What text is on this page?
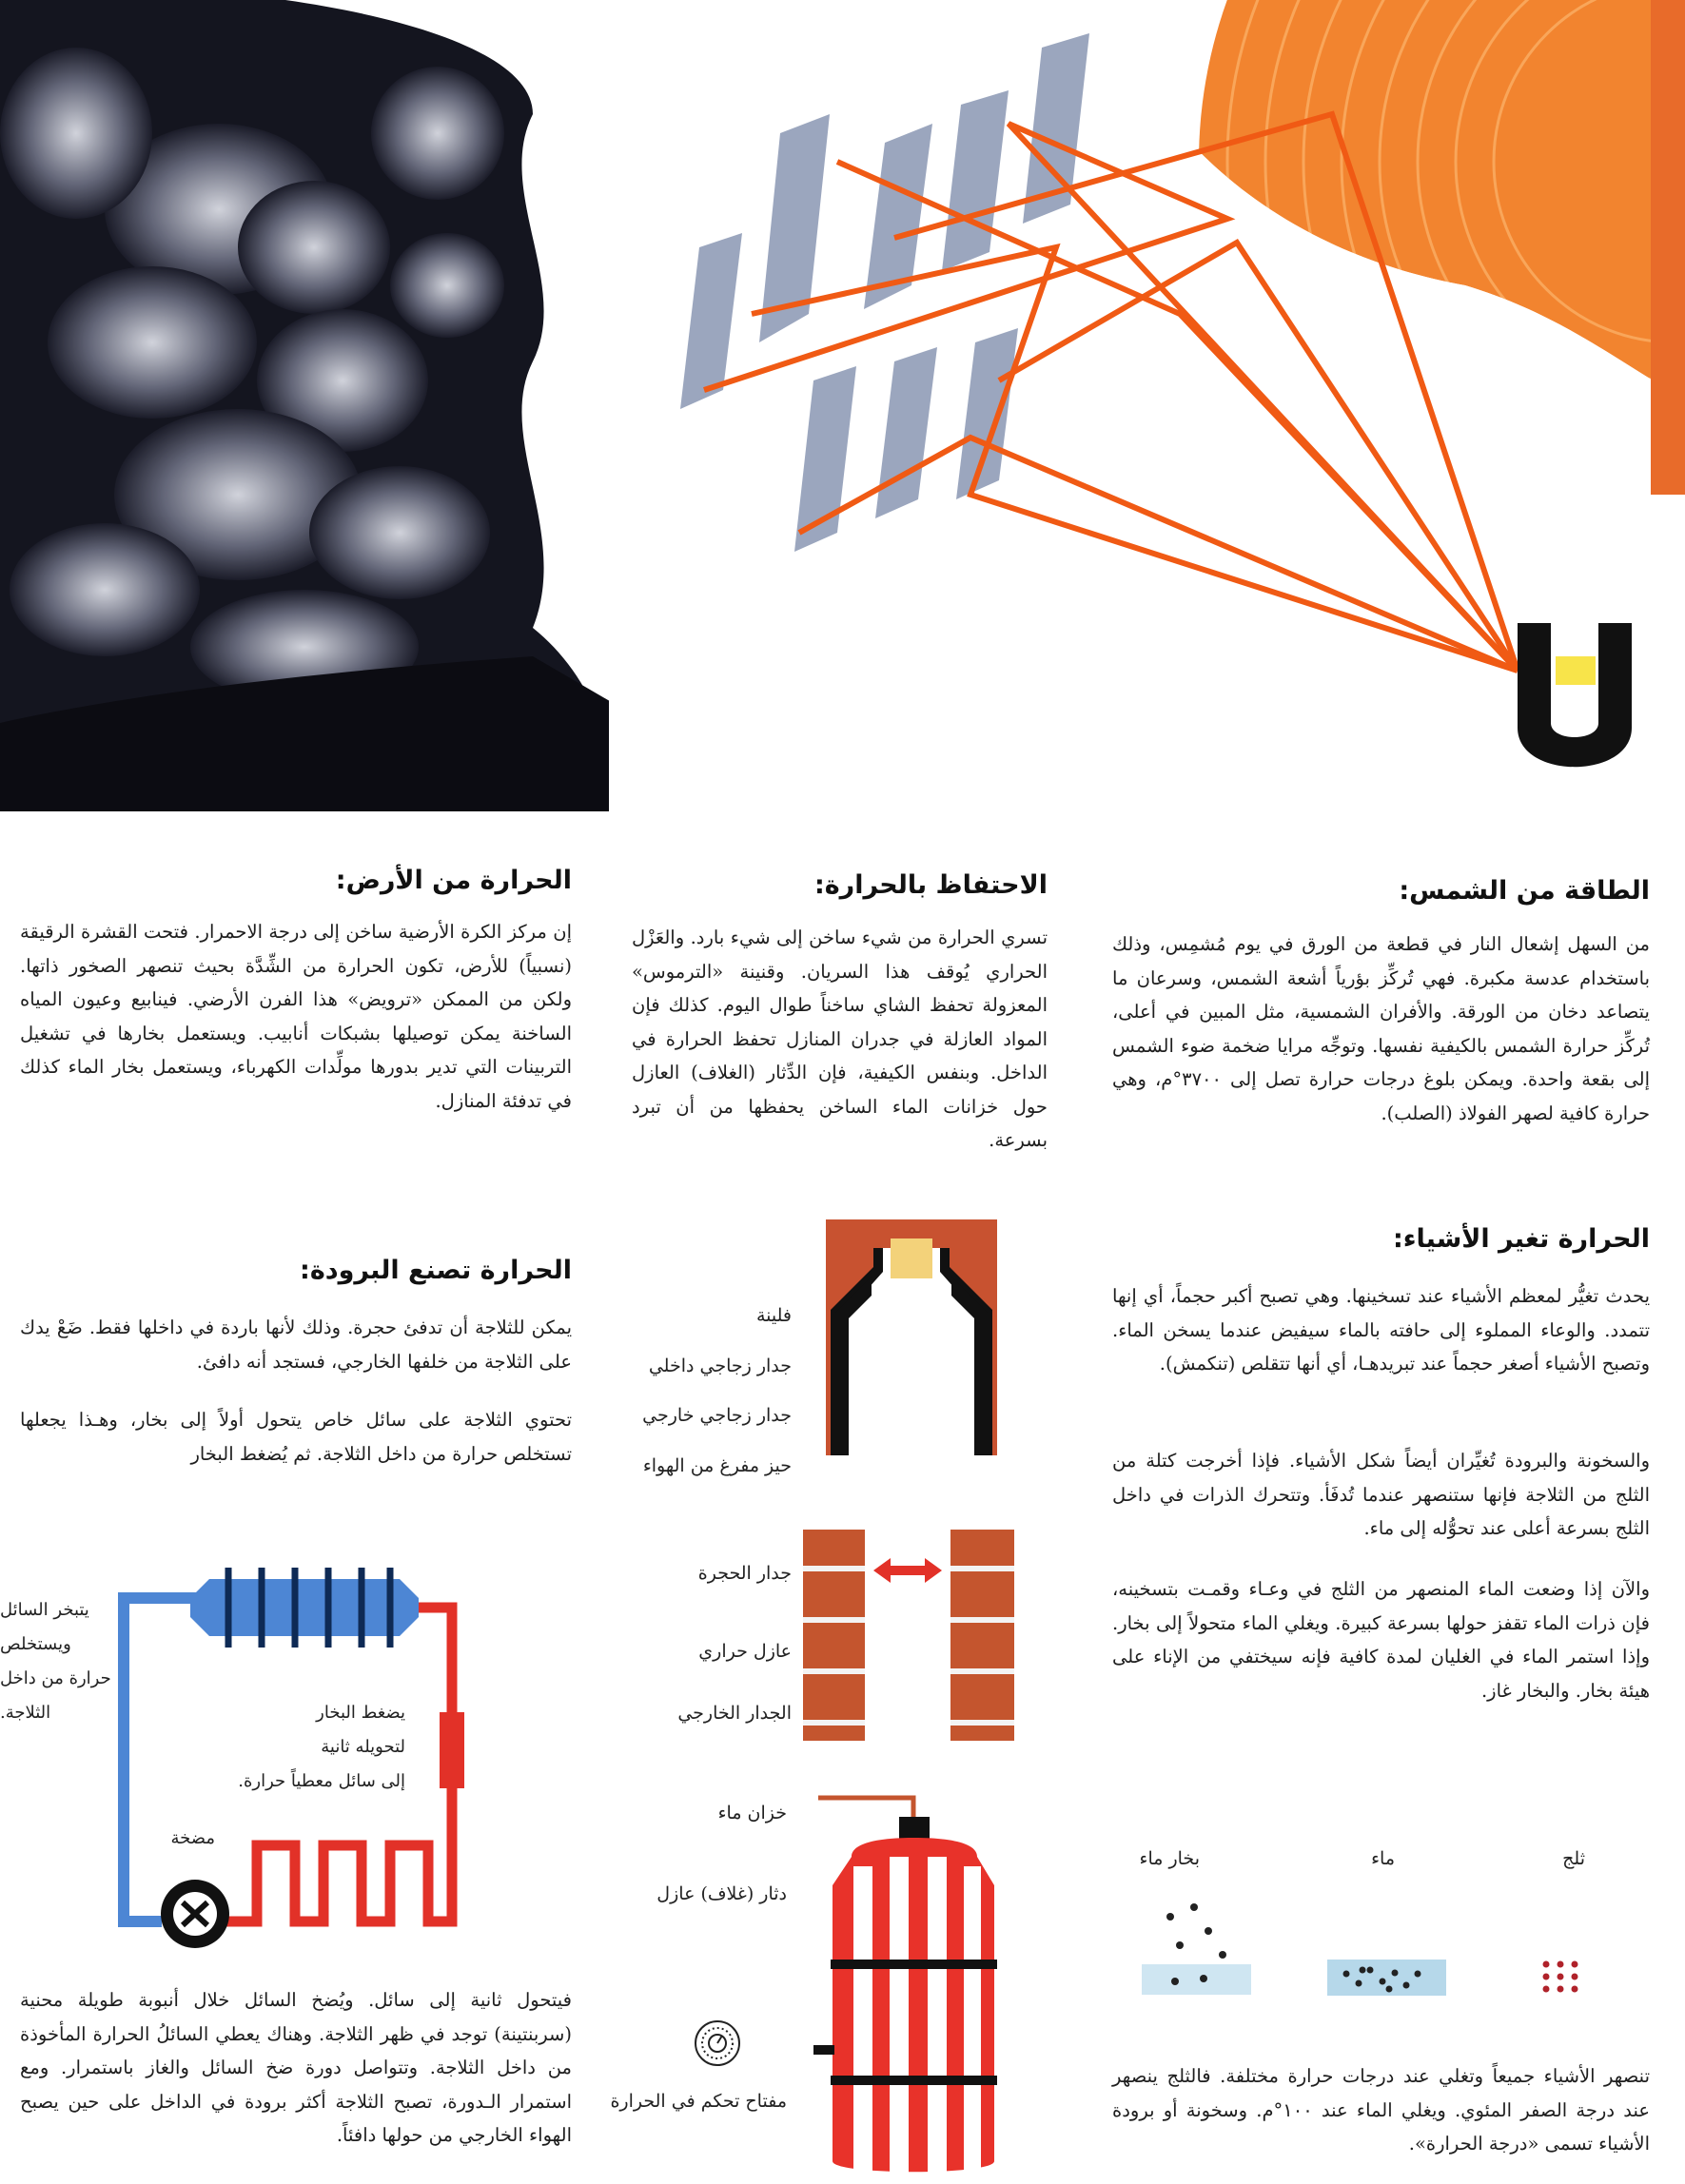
الطاقة من الشمس:

من السهل إشعال النار في قطعة من الورق في يوم مُشمِس، وذلك باستخدام عدسة مكبرة. فهي تُركِّز بؤرياً أشعة الشمس، وسرعان ما يتصاعد دخان من الورقة. والأفران الشمسية، مثل المبين في أعلى، تُركِّز حرارة الشمس بالكيفية نفسها. وتوجِّه مرايا ضخمة ضوء الشمس إلى بقعة واحدة. ويمكن بلوغ درجات حرارة تصل إلى ٣٧٠٠°م، وهي حرارة كافية لصهر الفولاذ (الصلب).

الاحتفاظ بالحرارة:

تسري الحرارة من شيء ساخن إلى شيء بارد. والعَزْل الحراري يُوقف هذا السريان. وقنينة «الترموس» المعزولة تحفظ الشاي ساخناً طوال اليوم. كذلك فإن المواد العازلة في جدران المنازل تحفظ الحرارة في الداخل. وبنفس الكيفية، فإن الدِّثار (الغلاف) العازل حول خزانات الماء الساخن يحفظها من أن تبرد بسرعة.

الحرارة من الأرض:

إن مركز الكرة الأرضية ساخن إلى درجة الاحمرار. فتحت القشرة الرقيقة (نسبياً) للأرض، تكون الحرارة من الشِّدَّة بحيث تنصهر الصخور ذاتها. ولكن من الممكن «ترويض» هذا الفرن الأرضي. فينابيع وعيون المياه الساخنة يمكن توصيلها بشبكات أنابيب. ويستعمل بخارها في تشغيل التربينات التي تدير بدورها مولِّدات الكهرباء، ويستعمل بخار الماء كذلك في تدفئة المنازل.

الحرارة تغير الأشياء:

يحدث تغيُّر لمعظم الأشياء عند تسخينها. وهي تصبح أكبر حجماً، أي إنها تتمدد. والوعاء المملوء إلى حافته بالماء سيفيض عندما يسخن الماء. وتصبح الأشياء أصغر حجماً عند تبريدهـا، أي أنها تتقلص (تنكمش).

والسخونة والبرودة تُغيِّران أيضاً شكل الأشياء. فإذا أخرجت كتلة من الثلج من الثلاجة فإنها ستنصهر عندما تُدفَأ. وتتحرك الذرات في داخل الثلج بسرعة أعلى عند تحوُّله إلى ماء.

والآن إذا وضعت الماء المنصهر من الثلج في وعـاء وقمـت بتسخينه، فإن ذرات الماء تقفز حولها بسرعة كبيرة. ويغلي الماء متحولاً إلى بخار. وإذا استمر الماء في الغليان لمدة كافية فإنه سيختفي من الإناء على هيئة بخار. والبخار غاز.

ثلج
ماء
بخار ماء

تنصهر الأشياء جميعاً وتغلي عند درجات حرارة مختلفة. فالثلج ينصهر عند درجة الصفر المئوي. ويغلي الماء عند ١٠٠°م. وسخونة أو برودة الأشياء تسمى «درجة الحرارة».

الحرارة تصنع البرودة:

يمكن للثلاجة أن تدفئ حجرة. وذلك لأنها باردة في داخلها فقط. ضَعْ يدك على الثلاجة من خلفها الخارجي، فستجد أنه دافئ.

تحتوي الثلاجة على سائل خاص يتحول أولاً إلى بخار، وهـذا يجعلها تستخلص حرارة من داخل الثلاجة. ثم يُضغط البخار

يتبخر السائل
ويستخلص
حرارة من داخل
الثلاجة.	يضغط البخار
لتحويله ثانية
إلى سائل معطياً حرارة.
مضخة

فيتحول ثانية إلى سائل. ويُضخ السائل خلال أنبوبة طويلة محنية (سربنتينة) توجد في ظهر الثلاجة. وهناك يعطي السائلُ الحرارة المأخوذة من داخل الثلاجة. وتتواصل دورة ضخ السائل والغاز باستمرار. ومع استمرار الـدورة، تصبح الثلاجة أكثر برودة في الداخل على حين يصبح الهواء الخارجي من حولها دافئاً.

فلينة
جدار زجاجي داخلي
جدار زجاجي خارجي
حيز مفرغ من الهواء
جدار الحجرة
عازل حراري
الجدار الخارجي
خزان ماء
دثار (غلاف) عازل
مفتاح تحكم في الحرارة
